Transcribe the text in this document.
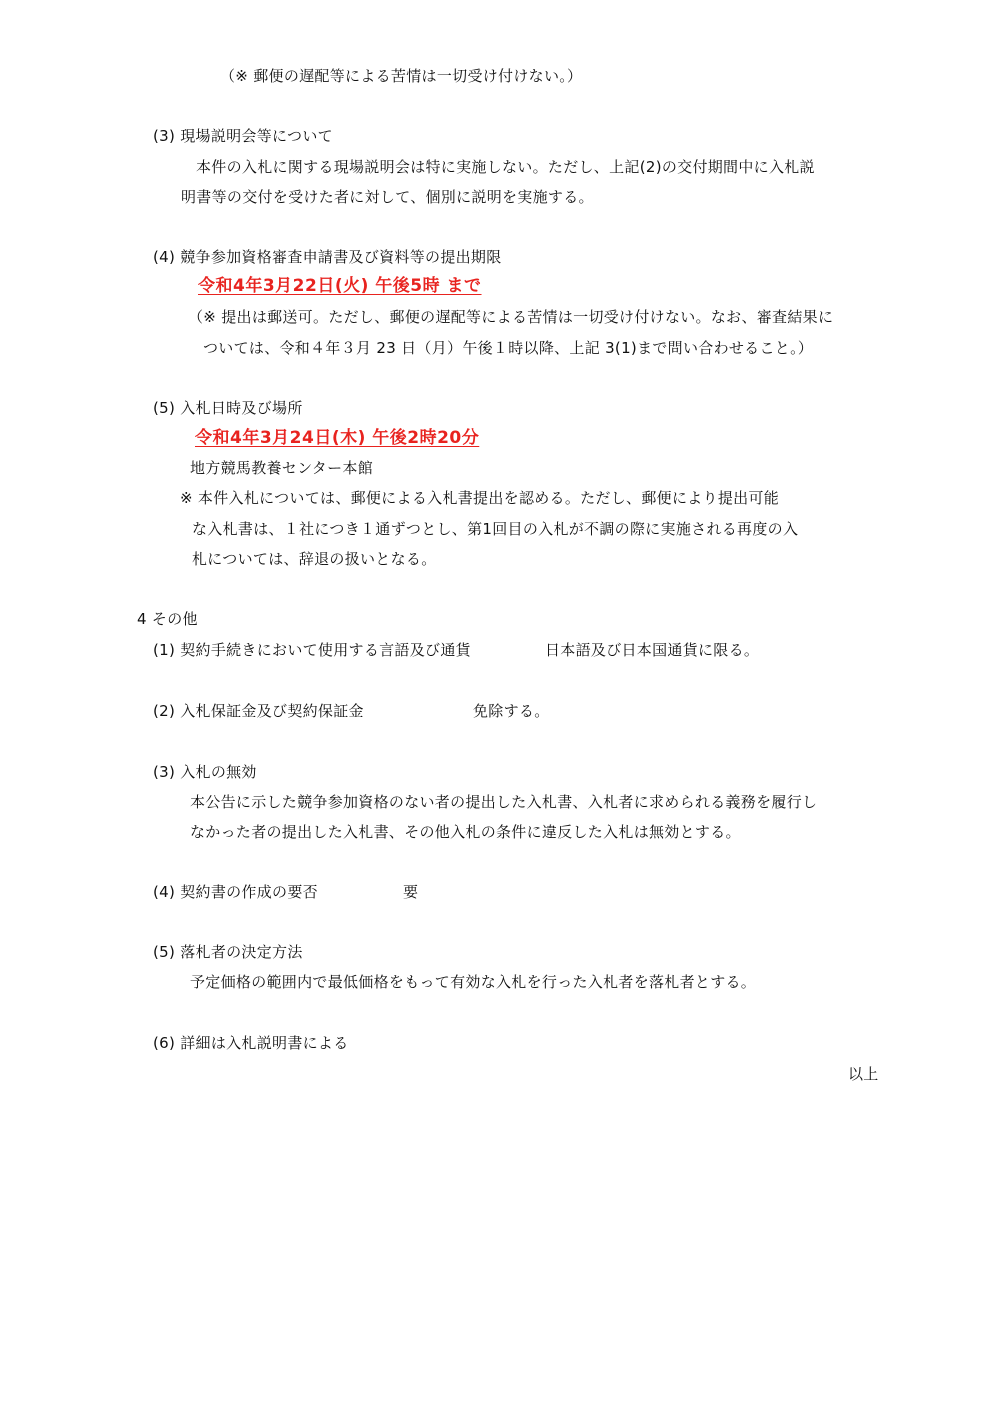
（※ 郵便の遅配等による苦情は一切受け付けない。）
(3) 現場説明会等について
本件の入札に関する現場説明会は特に実施しない。ただし、上記(2)の交付期間中に入札説
明書等の交付を受けた者に対して、個別に説明を実施する。
(4) 競争参加資格審査申請書及び資料等の提出期限
令和4年3月22日(火) 午後5時 まで
（※ 提出は郵送可。ただし、郵便の遅配等による苦情は一切受け付けない。なお、審査結果に
ついては、令和４年３月 23 日（月）午後１時以降、上記 3(1)まで問い合わせること。）
(5) 入札日時及び場所
令和4年3月24日(木) 午後2時20分
地方競馬教養センター本館
※ 本件入札については、郵便による入札書提出を認める。ただし、郵便により提出可能
な入札書は、１社につき１通ずつとし、第1回目の入札が不調の際に実施される再度の入
札については、辞退の扱いとなる。
4 その他
(1) 契約手続きにおいて使用する言語及び通貨	日本語及び日本国通貨に限る。
(2) 入札保証金及び契約保証金	免除する。
(3) 入札の無効
本公告に示した競争参加資格のない者の提出した入札書、入札者に求められる義務を履行し
なかった者の提出した入札書、その他入札の条件に違反した入札は無効とする。
(4) 契約書の作成の要否	要
(5) 落札者の決定方法
予定価格の範囲内で最低価格をもって有効な入札を行った入札者を落札者とする。
(6) 詳細は入札説明書による
以上
